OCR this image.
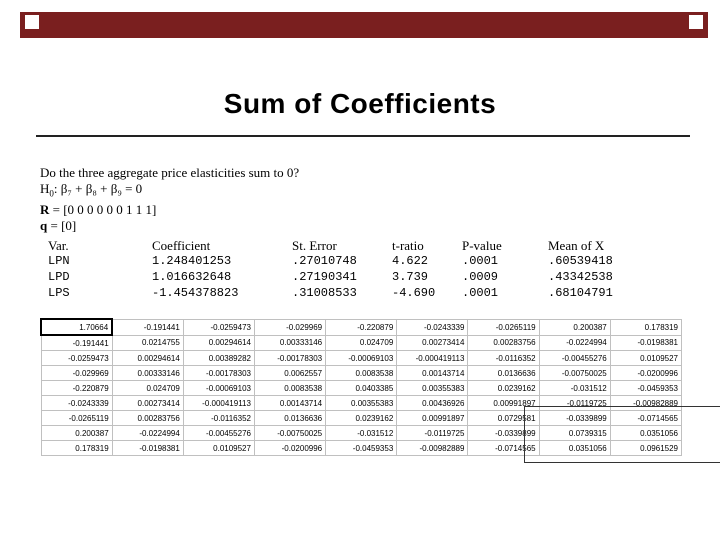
Sum of Coefficients
Do the three aggregate price elasticities sum to 0?
$H_0$: β₇ + β₈ + β₉ = 0
R = [0 0 0 0 0 0 1 1 1]
q = [0]
Var.	Coefficient	St. Error	t-ratio	P-value	Mean of X
LPN	1.248401253	.27010748	4.622	.0001	.60539418
LPD	1.016632648	.27190341	3.739	.0009	.43342538
LPS	-1.454378823	.31008533	-4.690 .0001	.68104791
1.70664	-0.191441	-0.0259473	-0.029969	-0.220879	-0.0243339	-0.0265119	0.200387	0.178319
-0.191441	0.0214755	0.00294614	0.00333146	0.024709	0.00273414	0.00283756	-0.0224994	-0.0198381
-0.0259473	0.00294614	0.00389282	-0.00178303	-0.00069103	-0.000419113	-0.0116352	-0.00455276	0.0109527
-0.029969	0.00333146	-0.00178303	0.0062557	0.0083538	0.00143714	0.0136636	-0.00750025	-0.0200996
-0.220879	0.024709	-0.00069103	0.0083538	0.0403385	0.00355383	0.0239162	-0.031512	-0.0459353
-0.0243339	0.00273414	-0.000419113	0.00143714	0.00355383	0.00436926	0.00991897	-0.0119725	-0.00982889
-0.0265119	0.00283756	-0.0116352	0.0136636	0.0239162	0.00991897	0.0729581	-0.0339899	-0.0714565
0.200387	-0.0224994	-0.00455276	-0.00750025	-0.031512	-0.0119725	-0.0339899	0.0739315	0.0351056
0.178319	-0.0198381	0.0109527	-0.0200996	-0.0459353	-0.00982889	-0.0714565	0.0351056	0.0961529
